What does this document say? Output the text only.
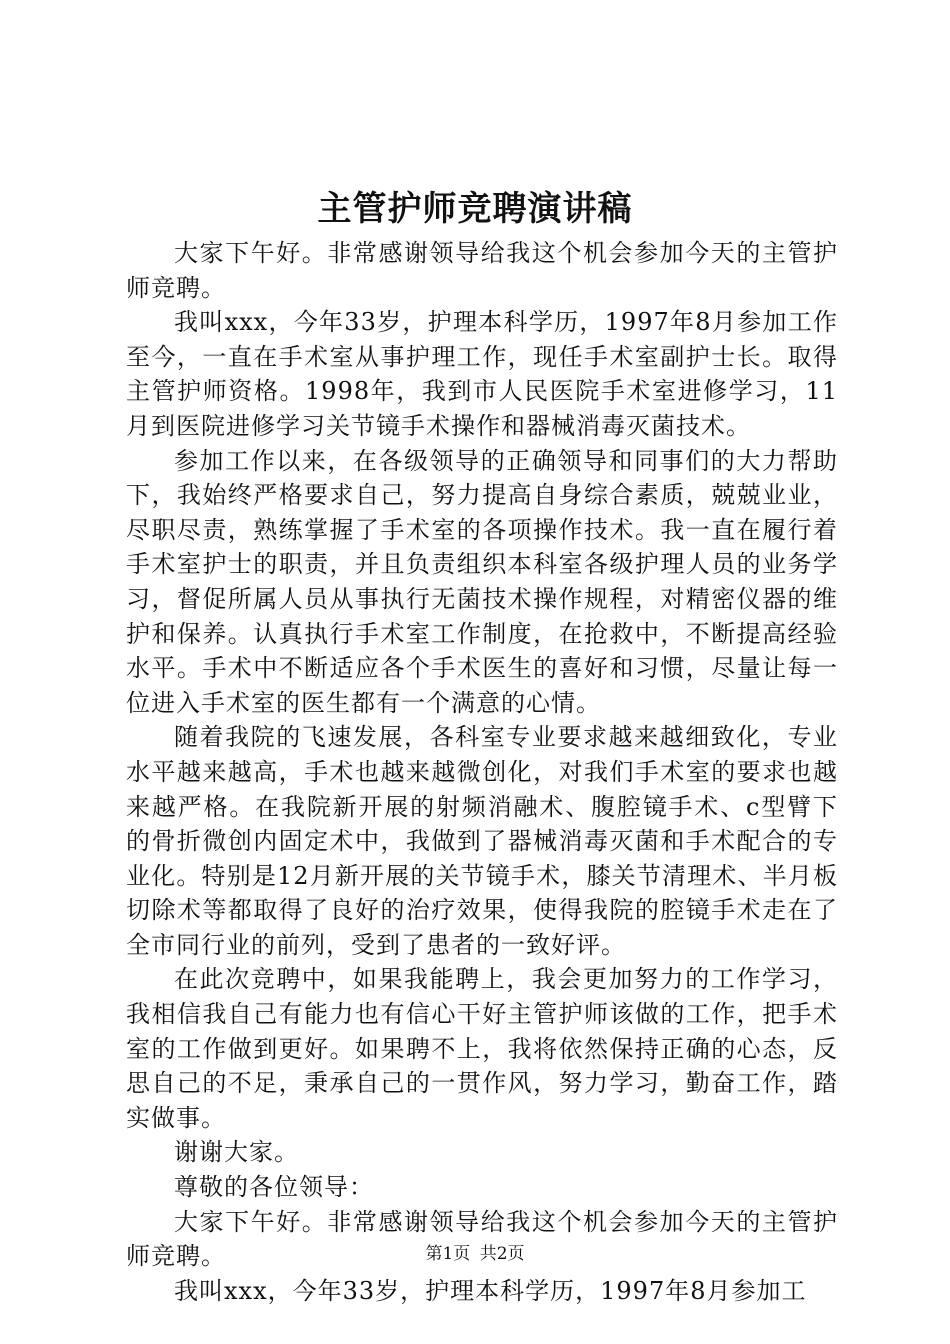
主管护师竞聘演讲稿

大家下午好。非常感谢领导给我这个机会参加今天的主管护师竞聘。

我叫xxx，今年33岁，护理本科学历，1997年8月参加工作至今，一直在手术室从事护理工作，现任手术室副护士长。取得主管护师资格。1998年，我到市人民医院手术室进修学习，11月到医院进修学习关节镜手术操作和器械消毒灭菌技术。

参加工作以来，在各级领导的正确领导和同事们的大力帮助下，我始终严格要求自己，努力提高自身综合素质，兢兢业业，尽职尽责，熟练掌握了手术室的各项操作技术。我一直在履行着手术室护士的职责，并且负责组织本科室各级护理人员的业务学习，督促所属人员从事执行无菌技术操作规程，对精密仪器的维护和保养。认真执行手术室工作制度，在抢救中，不断提高经验水平。手术中不断适应各个手术医生的喜好和习惯，尽量让每一位进入手术室的医生都有一个满意的心情。

随着我院的飞速发展，各科室专业要求越来越细致化，专业水平越来越高，手术也越来越微创化，对我们手术室的要求也越来越严格。在我院新开展的射频消融术、腹腔镜手术、c型臂下的骨折微创内固定术中，我做到了器械消毒灭菌和手术配合的专业化。特别是12月新开展的关节镜手术，膝关节清理术、半月板切除术等都取得了良好的治疗效果，使得我院的腔镜手术走在了全市同行业的前列，受到了患者的一致好评。

在此次竞聘中，如果我能聘上，我会更加努力的工作学习，我相信我自己有能力也有信心干好主管护师该做的工作，把手术室的工作做到更好。如果聘不上，我将依然保持正确的心态，反思自己的不足，秉承自己的一贯作风，努力学习，勤奋工作，踏实做事。

谢谢大家。

尊敬的各位领导：

大家下午好。非常感谢领导给我这个机会参加今天的主管护师竞聘。

我叫xxx，今年33岁，护理本科学历，1997年8月参加工

第1页 共2页
